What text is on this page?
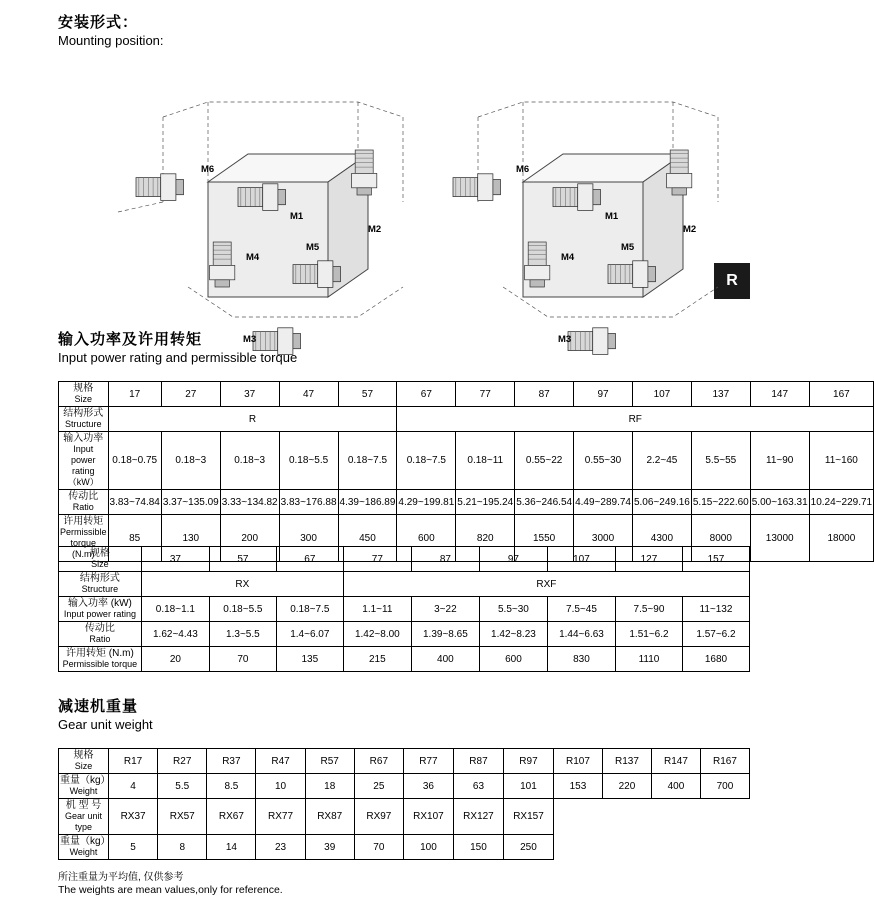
安装形式：
Mounting position:
R
M6
M1
M2
M4
M5
M3
M6
M1
M2
M4
M5
M3
输入功率及许用转矩
Input power rating and permissible torque
规格
Size	17	27	37	47	57	67	77	87	97	107	137	147	167

结构形式
Structure	R					RF							

输入功率
Input power rating（kW）	0.18~0.75	0.18~3	0.18~3	0.18~5.5	0.18~7.5	0.18~7.5	0.18~11	0.55~22	0.55~30	2.2~45	5.5~55	11~90	11~160

传动比
Ratio	3.83~74.84	3.37~135.09	3.33~134.82	3.83~176.88	4.39~186.89	4.29~199.81	5.21~195.24	5.36~246.54	4.49~289.74	5.06~249.16	5.15~222.60	5.00~163.31	10.24~229.71

许用转矩
Permissible torque (N.m)	85	130	200	300	450	600	820	1550	3000	4300	8000	13000	18000
规格
Size	37	57	67	77	87	97	107	127	157

结构形式
Structure	RX			RXF					

输入功率 (kW)
Input power rating	0.18~1.1	0.18~5.5	0.18~7.5	1.1~11	3~22	5.5~30	7.5~45	7.5~90	11~132

传动比
Ratio	1.62~4.43	1.3~5.5	1.4~6.07	1.42~8.00	1.39~8.65	1.42~8.23	1.44~6.63	1.51~6.2	1.57~6.2

许用转矩 (N.m)
Permissible torque	20	70	135	215	400	600	830	1110	1680
减速机重量
Gear unit weight
规格
Size	R17	R27	R37	R47	R57	R67	R77	R87	R97	R107	R137	R147	R167

重量（kg）
Weight	4	5.5	8.5	10	18	25	36	63	101	153	220	400	700

机 型 号
Gear unit type	RX37	RX57	RX67	RX77	RX87	RX97	RX107	RX127	RX157				

重量（kg）
Weight	5	8	14	23	39	70	100	150	250				
所注重量为平均值, 仅供参考
The weights are mean values,only for reference.
